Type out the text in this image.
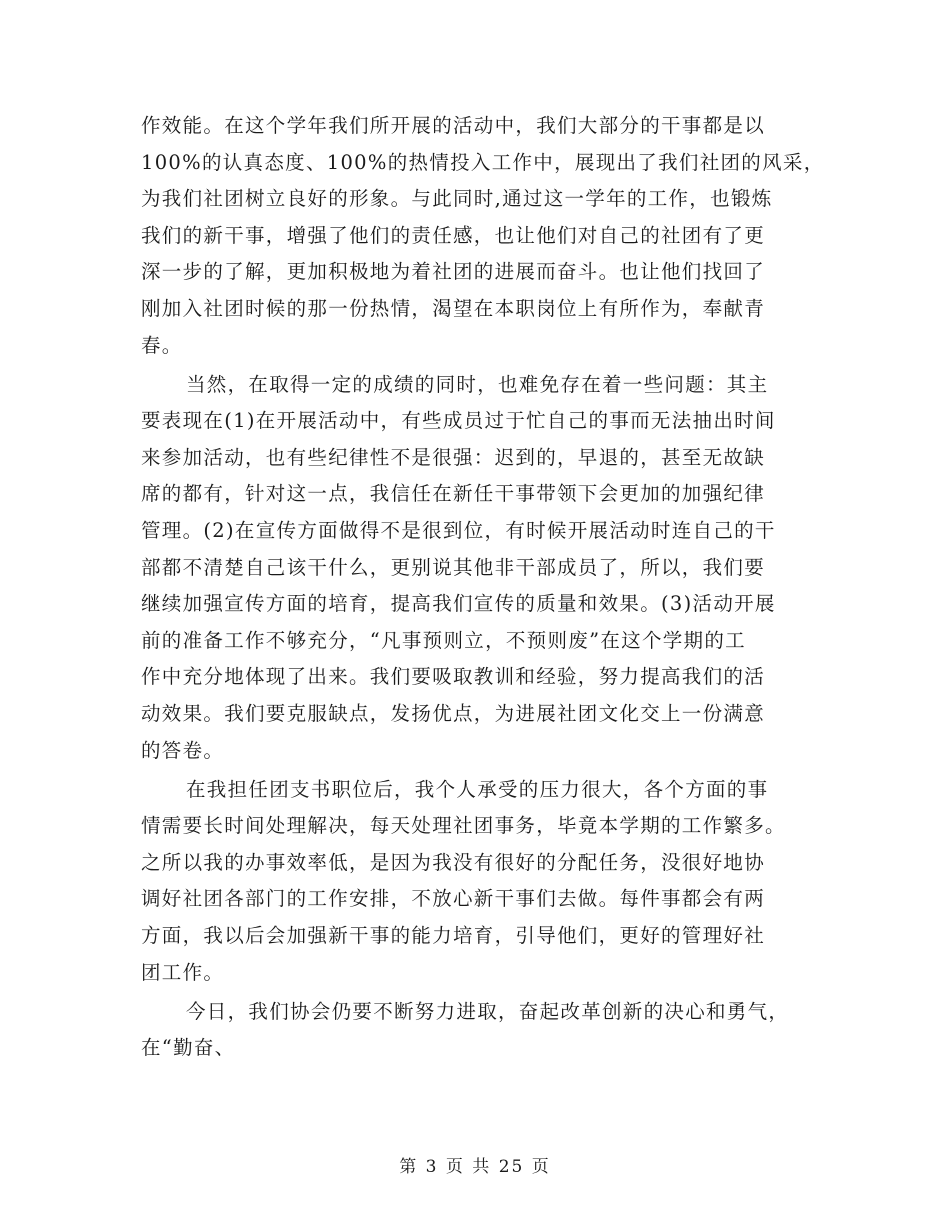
作效能。在这个学年我们所开展的活动中，我们大部分的干事都是以
100%的认真态度、100%的热情投入工作中，展现出了我们社团的风采，
为我们社团树立良好的形象。与此同时,通过这一学年的工作，也锻炼
我们的新干事，增强了他们的责任感，也让他们对自己的社团有了更
深一步的了解，更加积极地为着社团的进展而奋斗。也让他们找回了
刚加入社团时候的那一份热情，渴望在本职岗位上有所作为，奉献青
春。
当然，在取得一定的成绩的同时，也难免存在着一些问题：其主
要表现在(1)在开展活动中，有些成员过于忙自己的事而无法抽出时间
来参加活动，也有些纪律性不是很强：迟到的，早退的，甚至无故缺
席的都有，针对这一点，我信任在新任干事带领下会更加的加强纪律
管理。(2)在宣传方面做得不是很到位，有时候开展活动时连自己的干
部都不清楚自己该干什么，更别说其他非干部成员了，所以，我们要
继续加强宣传方面的培育，提高我们宣传的质量和效果。(3)活动开展
前的准备工作不够充分，“凡事预则立，不预则废”在这个学期的工
作中充分地体现了出来。我们要吸取教训和经验，努力提高我们的活
动效果。我们要克服缺点，发扬优点，为进展社团文化交上一份满意
的答卷。
在我担任团支书职位后，我个人承受的压力很大，各个方面的事
情需要长时间处理解决，每天处理社团事务，毕竟本学期的工作繁多。
之所以我的办事效率低，是因为我没有很好的分配任务，没很好地协
调好社团各部门的工作安排，不放心新干事们去做。每件事都会有两
方面，我以后会加强新干事的能力培育，引导他们，更好的管理好社
团工作。
今日，我们协会仍要不断努力进取，奋起改革创新的决心和勇气，
在“勤奋、
第 3 页 共 25 页
